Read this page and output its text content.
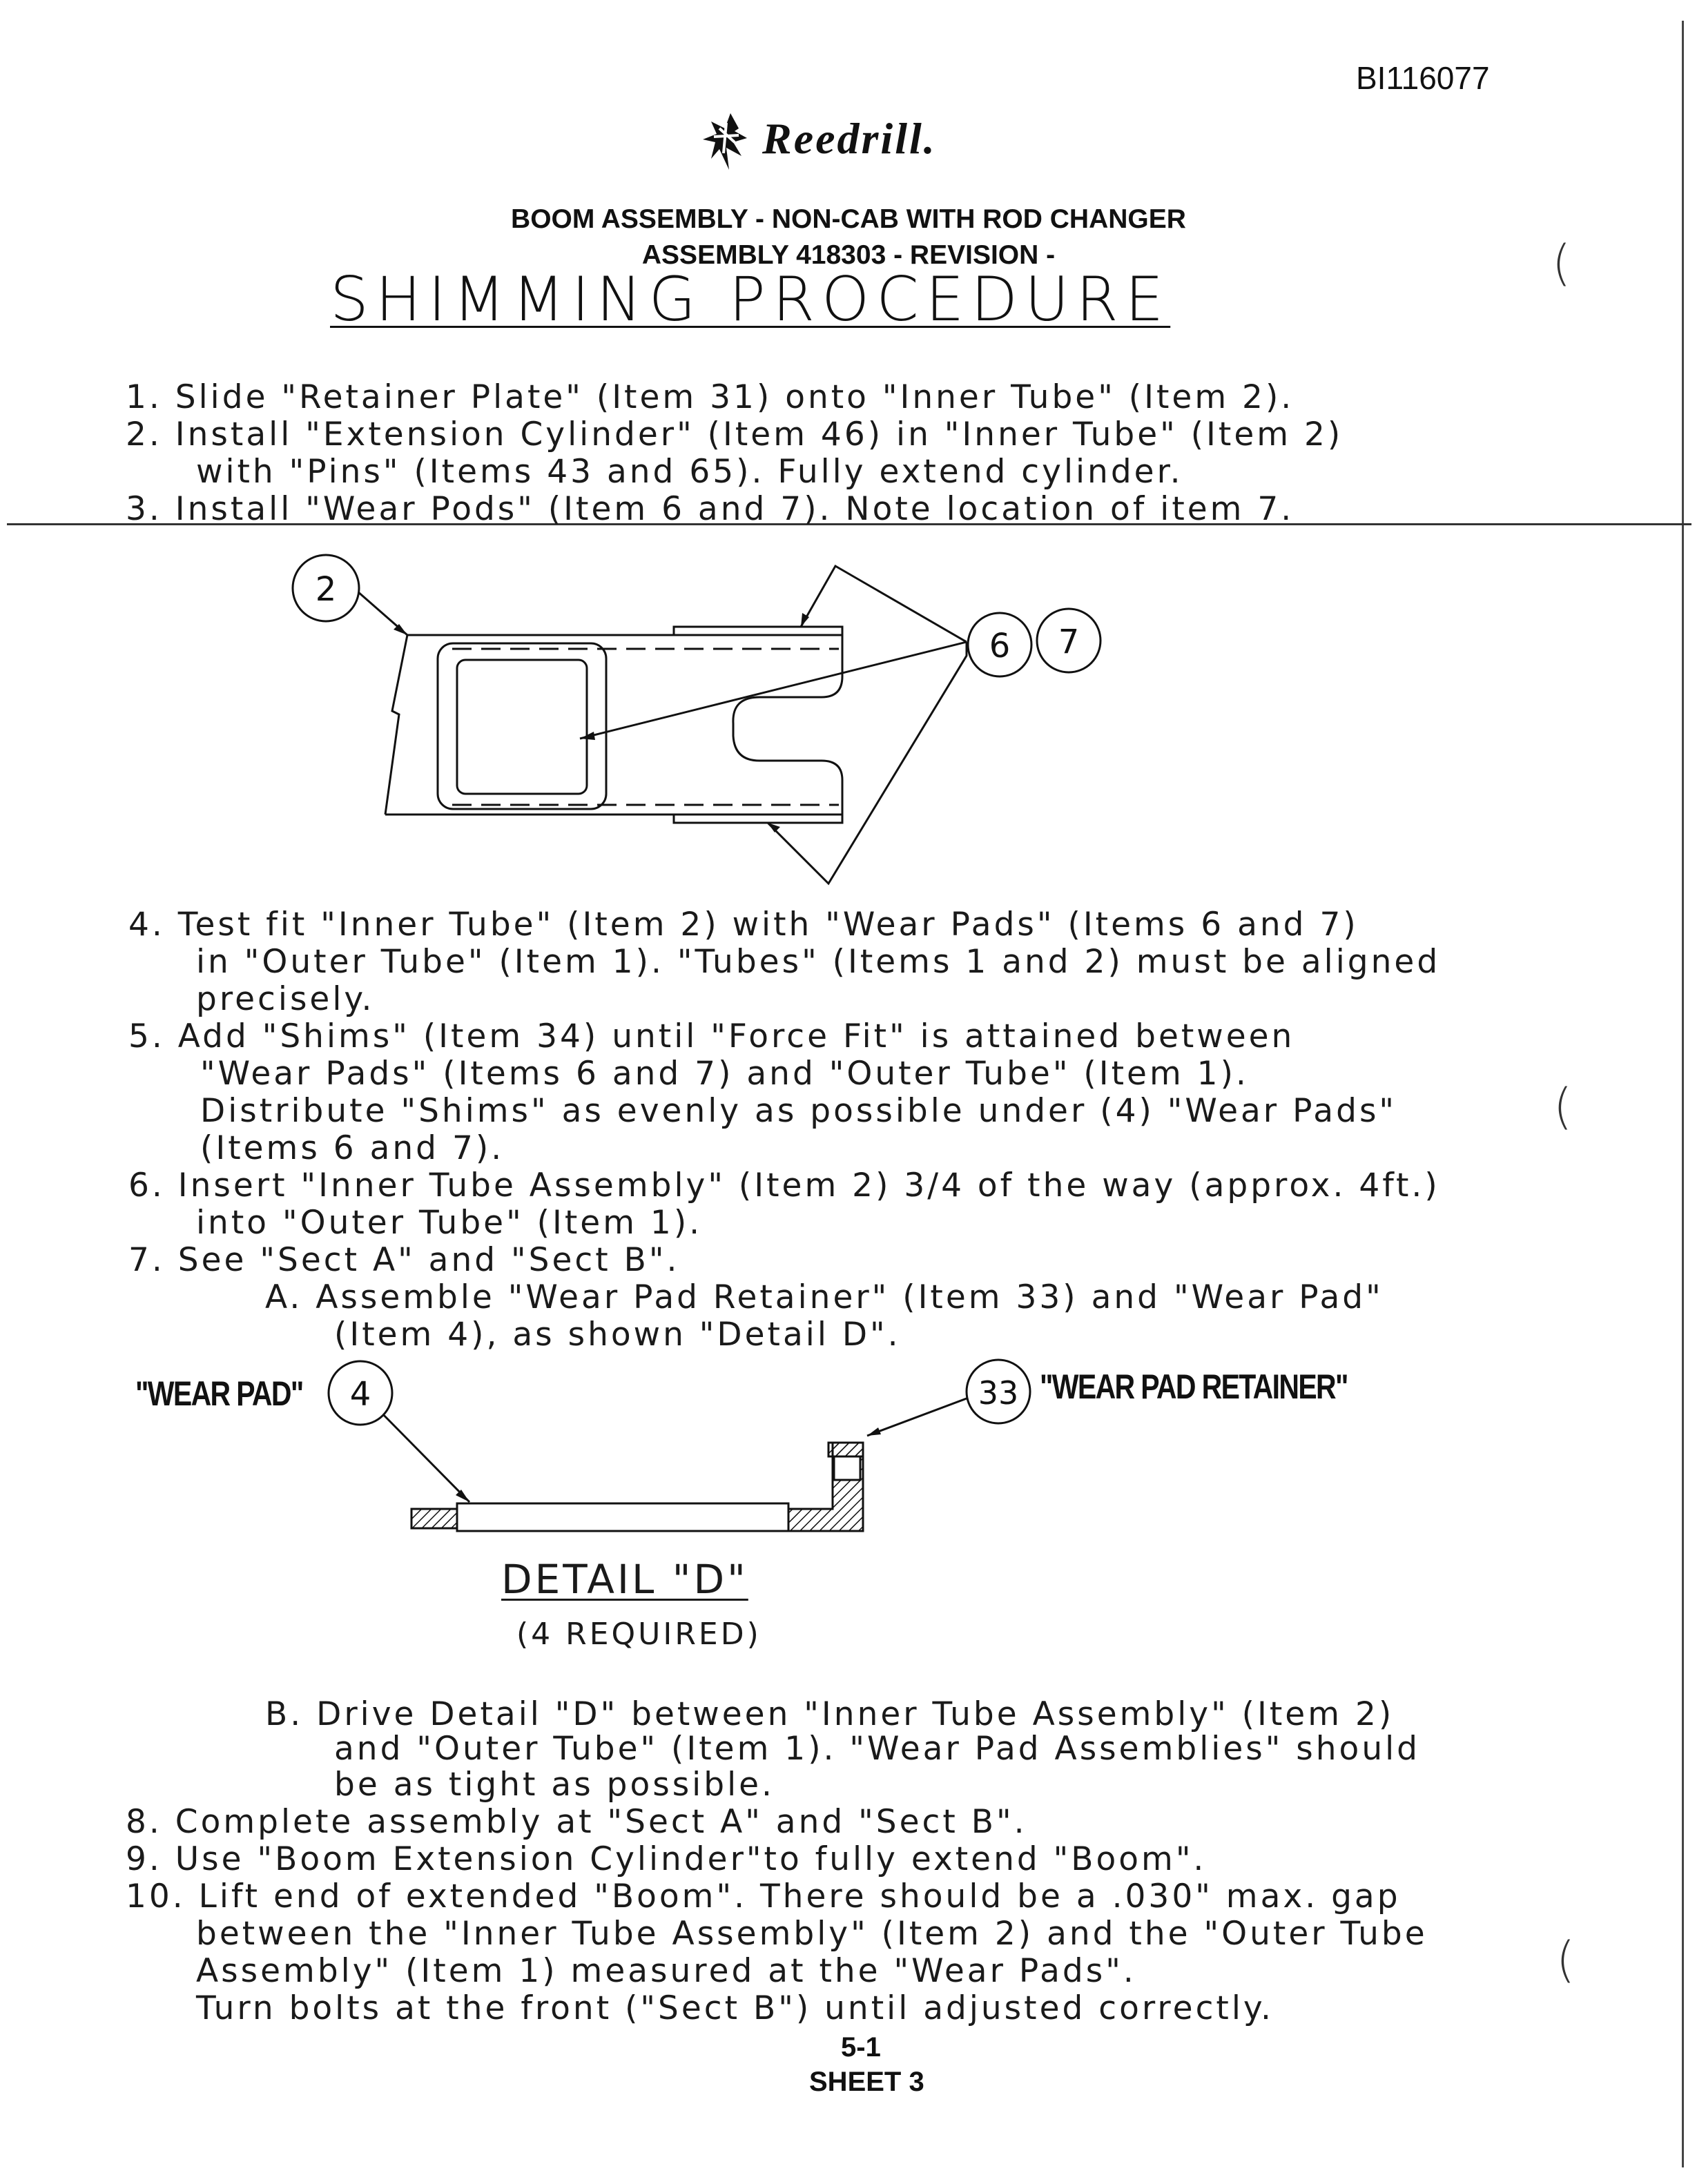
BI116077
Reedrill.
BOOM ASSEMBLY - NON-CAB WITH ROD CHANGER
ASSEMBLY 418303 - REVISION -
SHIMMING PROCEDURE
(
(
(
1. Slide "Retainer Plate" (Item 31) onto "Inner Tube" (Item 2).
2. Install "Extension Cylinder" (Item 46) in "Inner Tube" (Item 2)
with "Pins" (Items 43 and 65). Fully extend cylinder.
3. Install "Wear Pods" (Item 6 and 7). Note location of item 7.
2
6 7
4. Test fit "Inner Tube" (Item 2) with "Wear Pads" (Items 6 and 7)
in "Outer Tube" (Item 1). "Tubes" (Items 1 and 2) must be aligned
precisely.
5. Add "Shims" (Item 34) until "Force Fit" is attained between
"Wear Pads" (Items 6 and 7) and "Outer Tube" (Item 1).
Distribute "Shims" as evenly as possible under (4) "Wear Pads"
(Items 6 and 7).
6. Insert "Inner Tube Assembly" (Item 2) 3/4 of the way (approx. 4ft.)
into "Outer Tube" (Item 1).
7. See "Sect A" and "Sect B".
A. Assemble "Wear Pad Retainer" (Item 33) and "Wear Pad"
(Item 4), as shown "Detail D".
"WEAR PAD"	"WEAR PAD RETAINER"
4	33
DETAIL "D"
(4 REQUIRED)
B. Drive Detail "D" between "Inner Tube Assembly" (Item 2)
and "Outer Tube" (Item 1). "Wear Pad Assemblies" should
be as tight as possible.
8. Complete assembly at "Sect A" and "Sect B".
9. Use "Boom Extension Cylinder"to fully extend "Boom".
10. Lift end of extended "Boom". There should be a .030" max. gap
between the "Inner Tube Assembly" (Item 2) and the "Outer Tube
Assembly" (Item 1) measured at the "Wear Pads".
Turn bolts at the front ("Sect B") until adjusted correctly.
5-1
SHEET 3
